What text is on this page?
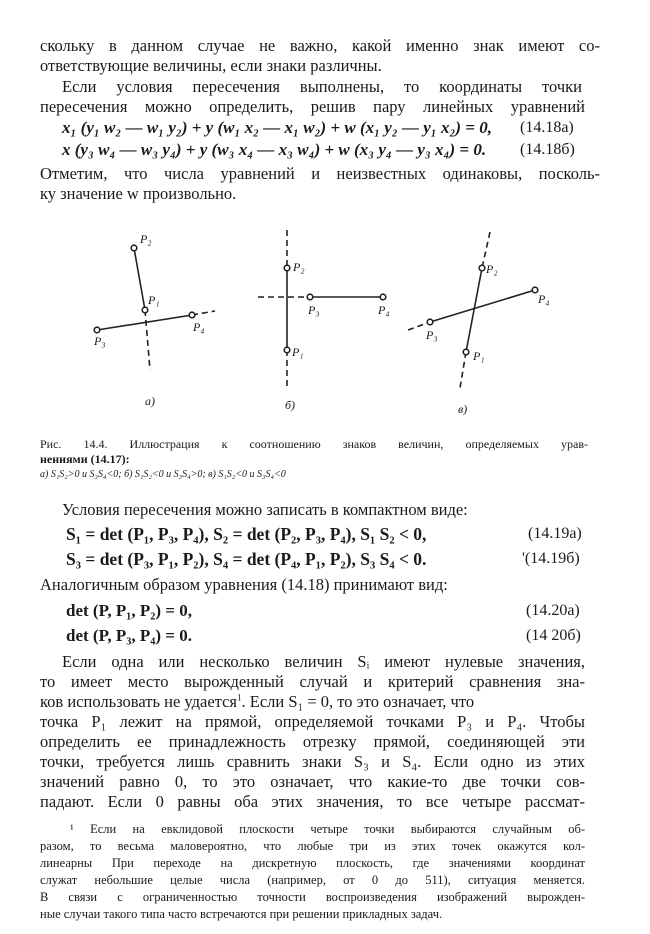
скольку в данном случае не важно, какой именно знак имеют со-
ответствующие величины, если знаки различны.
Если условия пересечения выполнены, то координаты точки
пересечения можно определить, решив пару линейных уравнений
x₁ (y₁ w₂ — w₁ y₂) + y (w₁ x₂ — x₁ w₂) + w (x₁ y₂ — y₁ x₂) = 0, (14.18а)
x (y₃ w₄ — w₃ y₄) + y (w₃ x₄ — x₃ w₄) + w (x₃ y₄ — y₃ x₄) = 0. (14.18б)
Отметим, что числа уравнений и неизвестных одинаковы, посколь-
ку значение w произвольно.
P₂
P₁
P₃
P₄
а)
P₂
P₃	P₄
P₁
б)
P₂
P₄
P₃
P₁
в)
Рис. 14.4. Иллюстрация к соотношению знаков величин, определяемых урав-
нениями (14.17):
а) S₁S₂>0 и S₃S₄<0; б) S₁S₂<0 и S₃S₄>0; в) S₁S₂<0 и S₃S₄<0
Условия пересечения можно записать в компактном виде:
S₁ = det (P₁, P₃, P₄), S₂ = det (P₂, P₃, P₄), S₁ S₂ < 0,	(14.19а)
S₃ = det (P₃, P₁, P₂), S₄ = det (P₄, P₁, P₂), S₃ S₄ < 0.	'(14.19б)
Аналогичным образом уравнения (14.18) принимают вид:
det (P, P₁, P₂) = 0,	(14.20а)
det (P, P₃, P₄) = 0.	(14 20б)
Если одна или несколько величин Sᵢ имеют нулевые значения,
то имеет место вырожденный случай и критерий сравнения зна-
ков использовать не удается$^1$. Если S₁ = 0, то это означает, что
точка P₁ лежит на прямой, определяемой точками P₃ и P₄. Чтобы
определить ее принадлежность отрезку прямой, соединяющей эти
точки, требуется лишь сравнить знаки S₃ и S₄. Если одно из этих
значений равно 0, то это означает, что какие-то две точки сов-
падают. Если 0 равны оба этих значения, то все четыре рассмат-
¹ Если на евклидовой плоскости четыре точки выбираются случайным об-
разом, то весьма маловероятно, что любые три из этих точек окажутся кол-
линеарны При переходе на дискретную плоскость, где значениями координат
служат небольшие целые числа (например, от 0 до 511), ситуация меняется.
В связи с ограниченностью точности воспроизведения изображений вырожден-
ные случаи такого типа часто встречаются при решении прикладных задач.
